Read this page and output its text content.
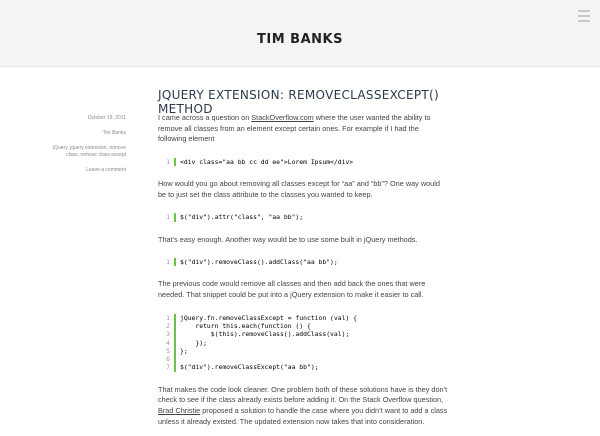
TIM BANKS
JQUERY EXTENSION: REMOVECLASSEXCEPT() METHOD
October 19, 2011
Tim Banks
jQuery, jquery extension, remove class, remove class except
Leave a comment

I came across a question on StackOverflow.com where the user wanted the ability to remove all classes from an element except certain ones. For example if I had the following element

1	<div class="aa bb cc dd ee">Lorem Ipsum</div>

How would you go about removing all classes except for “aa” and “bb”? One way would be to just set the class attribute to the classes you wanted to keep.

1	$("div").attr("class", "aa bb");

That’s easy enough. Another way would be to use some built in jQuery methods.

1	$("div").removeClass().addClass("aa bb");

The previous code would remove all classes and then add back the ones that were needed. That snippet could be put into a jQuery extension to make it easier to call.

1	jQuery.fn.removeClassExcept = function (val) {
2	return this.each(function () {
3	$(this).removeClass().addClass(val);
4	});
5	};
6
7	$("div").removeClassExcept("aa bb");

That makes the code look cleaner. One problem both of these solutions have is they don’t check to see if the class already exists before adding it. On the Stack Overflow question, Brad Christie proposed a solution to handle the case where you didn’t want to add a class unless it already existed. The updated extension now takes that into consideration.
